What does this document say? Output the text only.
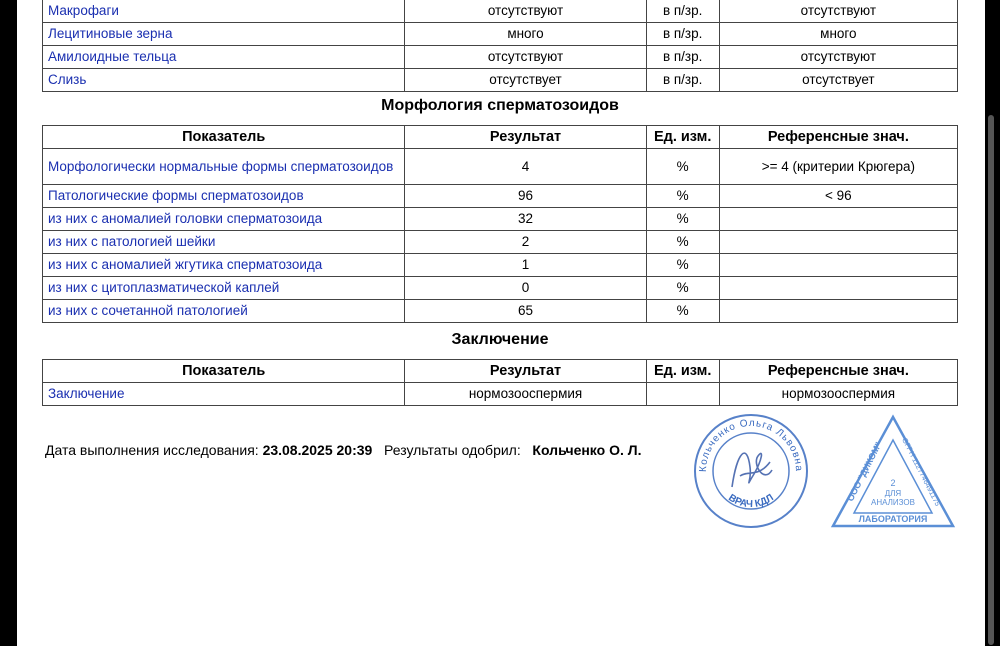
Макрофаги	отсутствуют	в п/зр.	отсутствуют
Лецитиновые зерна	много	в п/зр.	много
Амилоидные тельца	отсутствуют	в п/зр.	отсутствуют
Слизь	отсутствует	в п/зр.	отсутствует
Морфология сперматозоидов
Показатель	Результат	Ед. изм.	Референсные знач.
Морфологически нормальные формы сперматозоидов	4	%	>= 4 (критерии Крюгера)
Патологические формы сперматозоидов	96	%	< 96
из них с аномалией головки сперматозоида	32	%	
из них с патологией шейки	2	%	
из них с аномалией жгутика сперматозоида	1	%	
из них с цитоплазматической каплей	0	%	
из них с сочетанной патологией	65	%	
Заключение
Показатель	Результат	Ед. изм.	Референсные знач.
Заключение	нормозооспермия		нормозооспермия
Дата выполнения исследования: 23.08.2025 20:39 Результаты одобрил: Кольченко О. Л.
Кольченко Ольга Львовна
ВРАЧ КДЛ	ООО "ДИКОМ" ОГРН 1127746491175
ЛАБОРАТОРИЯ
2
ДЛЯ
АНАЛИЗОВ
